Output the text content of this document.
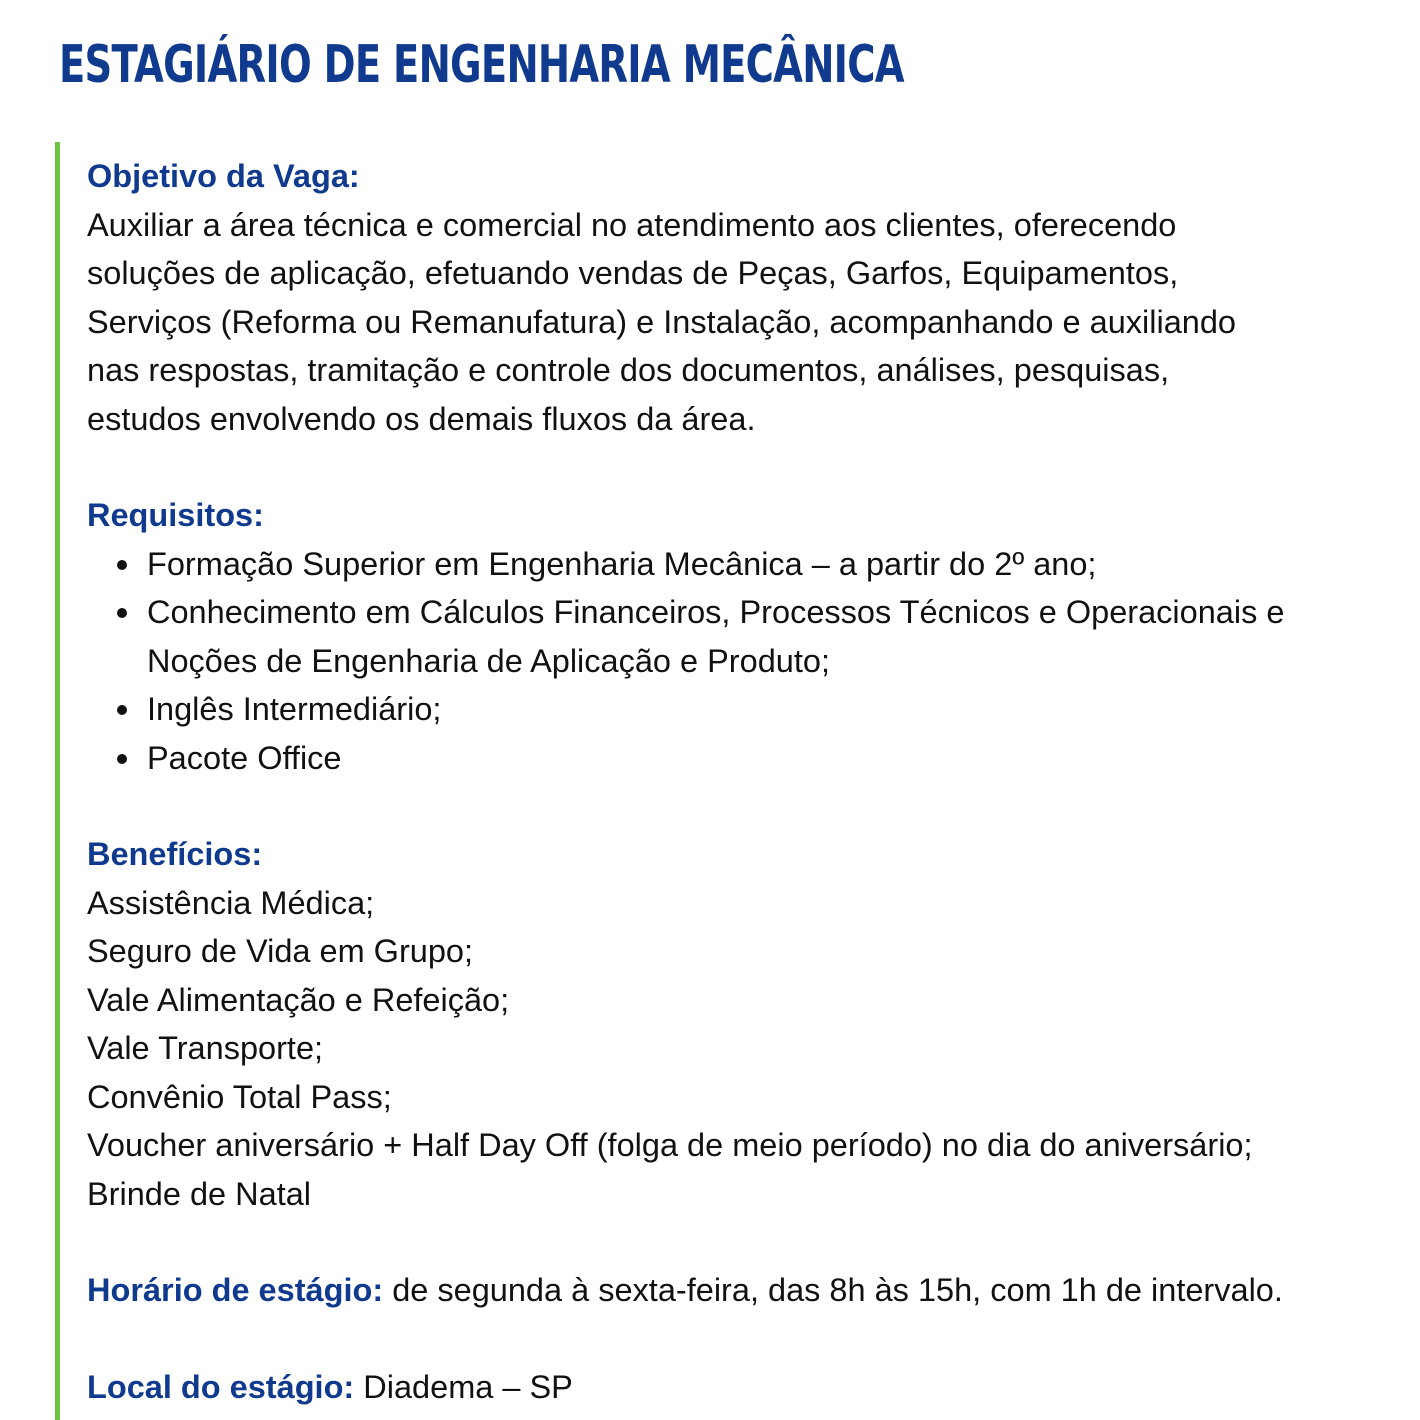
ESTAGIÁRIO DE ENGENHARIA MECÂNICA
Objetivo da Vaga:

Auxiliar a área técnica e comercial no atendimento aos clientes, oferecendo
soluções de aplicação, efetuando vendas de Peças, Garfos, Equipamentos,
Serviços (Reforma ou Remanufatura) e Instalação, acompanhando e auxiliando
nas respostas, tramitação e controle dos documentos, análises, pesquisas,
estudos envolvendo os demais fluxos da área.

Requisitos:
Formação Superior em Engenharia Mecânica – a partir do 2º ano;
Conhecimento em Cálculos Financeiros, Processos Técnicos e Operacionais e Noções de Engenharia de Aplicação e Produto;
Inglês Intermediário;
Pacote Office
Benefícios:
Assistência Médica;
Seguro de Vida em Grupo;
Vale Alimentação e Refeição;
Vale Transporte;
Convênio Total Pass;
Voucher aniversário + Half Day Off (folga de meio período) no dia do aniversário;
Brinde de Natal
Horário de estágio: de segunda à sexta-feira, das 8h às 15h, com 1h de intervalo.
Local do estágio: Diadema – SP
